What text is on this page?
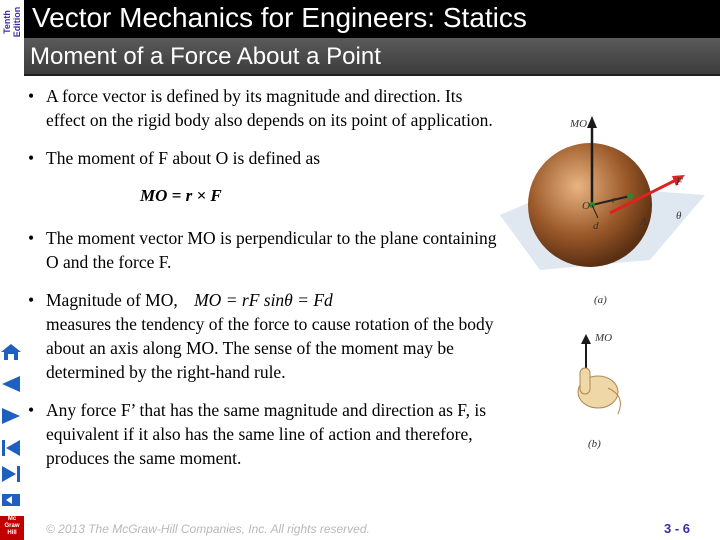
Tenth Edition
Mc Graw Hill
Vector Mechanics for Engineers: Statics
Moment of a Force About a Point
• A force vector is defined by its magnitude and direction. Its effect on the rigid body also depends on its point of application.
• The moment of F about O is defined as
MO = r × F
• The moment vector MO is perpendicular to the plane containing O and the force F.
• Magnitude of MO, MO = rF sinθ = Fd
measures the tendency of the force to cause rotation of the body about an axis along MO. The sense of the moment may be determined by the right-hand rule.
• Any force F’ that has the same magnitude and direction as F, is equivalent if it also has the same line of action and therefore, produces the same moment.
MO
F
O r
θ
d	A
(a)
MO
(b)
© 2013 The McGraw-Hill Companies, Inc. All rights reserved.	3 - 6
